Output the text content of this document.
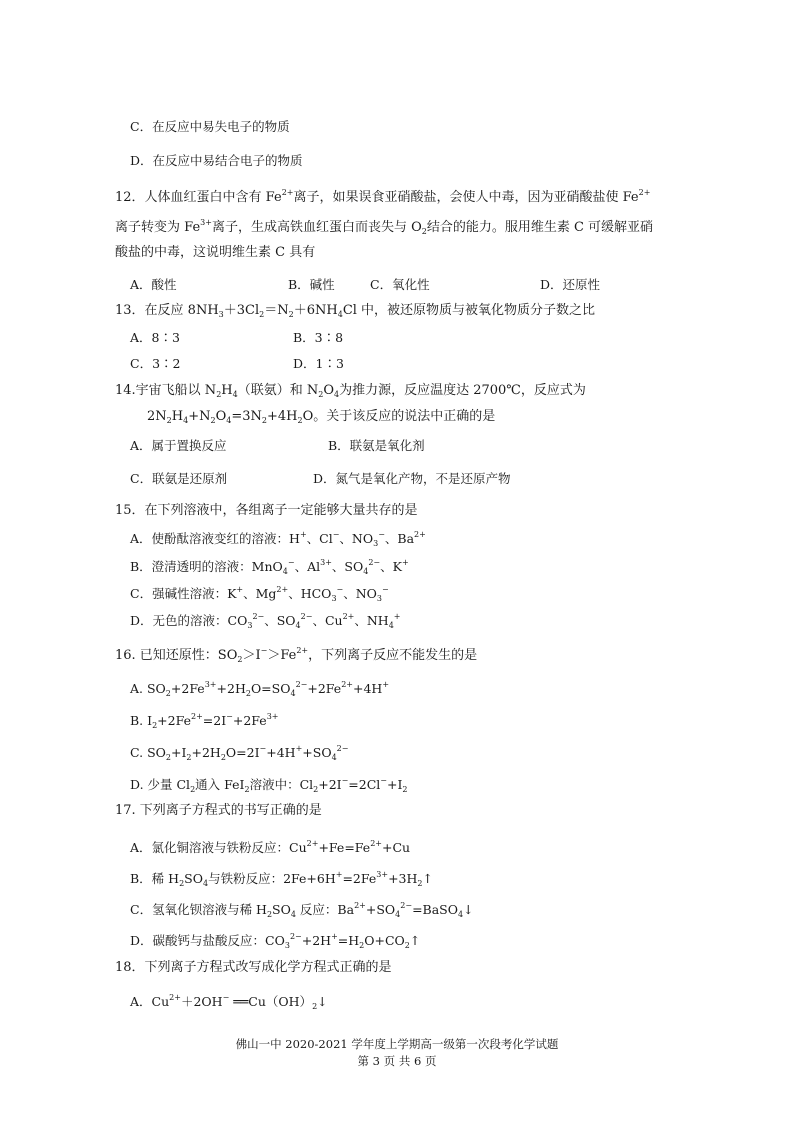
C．在反应中易失电子的物质
D．在反应中易结合电子的物质
12．人体血红蛋白中含有 $Fe^{2+}$离子，如果误食亚硝酸盐，会使人中毒，因为亚硝酸盐使 $Fe^{2+}$
离子转变为 $Fe^{3+}$离子，生成高铁血红蛋白而丧失与 $O_2$结合的能力。服用维生素 C 可缓解亚硝
酸盐的中毒，这说明维生素 C 具有
A．酸性	B．碱性	C．氧化性	D．还原性
13．在反应 $8NH_3+3Cl_2=N_2+6NH_4Cl$ 中，被还原物质与被氧化物质分子数之比
A．8∶3	B．3∶8
C．3∶2	D．1∶3
14.宇宙飞船以 $N_2H_4$（联氨）和 $N_2O_4$为推力源，反应温度达 2700℃，反应式为
$2N_2H_4+N_2O_4=3N_2+4H_2O$。关于该反应的说法中正确的是
A．属于置换反应	B．联氨是氧化剂
C．联氨是还原剂	D．氮气是氧化产物，不是还原产物
15．在下列溶液中，各组离子一定能够大量共存的是
A．使酚酞溶液变红的溶液：H+、Cl−、$NO_3^-$、$Ba^{2+}$
B．澄清透明的溶液：MnO$_4$−、$Al^{3+}$、$SO_4^{2-}$、K+
C．强碱性溶液：K+、$Mg^{2+}$、$HCO_3^-$、$NO_3^-$
D．无色的溶液：$CO_3^{2-}$、$SO_4^{2-}$、$Cu^{2+}$、$NH_4^+$
16. 已知还原性：$SO_2>I^->Fe^{2+}$，下列离子反应不能发生的是
A. $SO_2+2Fe^{3+}+2H_2O=SO_4^{2-}+2Fe^{2+}+4H^+$
B. $I_2+2Fe^{2+}=2I^-+2Fe^{3+}$
C. $SO_2+I_2+2H_2O=2I^-+4H^++SO_4^{2-}$
D. 少量 $Cl_2$通入 FeI$_2$溶液中：$Cl_2+2I^-=2Cl^-+I_2$
17. 下列离子方程式的书写正确的是
A．氯化铜溶液与铁粉反应：$Cu^{2+}+Fe=Fe^{2+}+Cu$
B．稀 $H_2SO_4$与铁粉反应：$2Fe+6H^+=2Fe^{3+}+3H_2↑$
C．氢氧化钡溶液与稀 $H_2SO_4$ 反应：$Ba^{2+}+SO_4^{2-}=BaSO_4↓$
D．碳酸钙与盐酸反应：$CO_3^{2-}+2H^+=H_2O+CO_2↑$
18．下列离子方程式改写成化学方程式正确的是
A．$Cu^{2+}+2OH^-$ $══Cu(OH)_2↓$
佛山一中 2020-2021 学年度上学期高一级第一次段考化学试题
第 3 页 共 6 页
